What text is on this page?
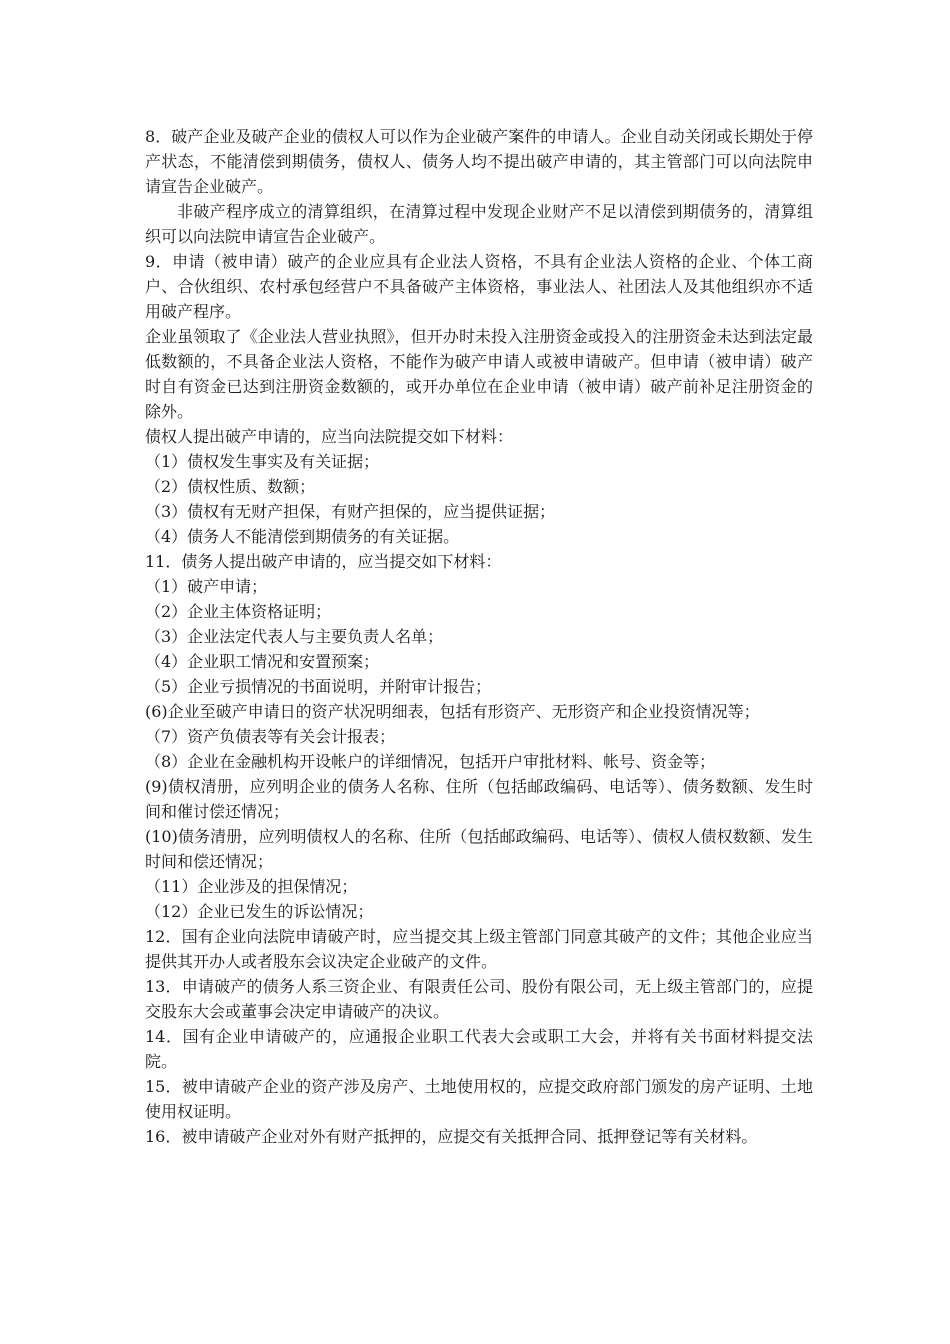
8．破产企业及破产企业的债权人可以作为企业破产案件的申请人。企业自动关闭或长期处于停产状态，不能清偿到期债务，债权人、债务人均不提出破产申请的，其主管部门可以向法院申请宣告企业破产。

非破产程序成立的清算组织，在清算过程中发现企业财产不足以清偿到期债务的，清算组织可以向法院申请宣告企业破产。

9．申请（被申请）破产的企业应具有企业法人资格，不具有企业法人资格的企业、个体工商户、合伙组织、农村承包经营户不具备破产主体资格，事业法人、社团法人及其他组织亦不适用破产程序。

企业虽领取了《企业法人营业执照》，但开办时未投入注册资金或投入的注册资金未达到法定最低数额的，不具备企业法人资格，不能作为破产申请人或被申请破产。但申请（被申请）破产时自有资金已达到注册资金数额的，或开办单位在企业申请（被申请）破产前补足注册资金的除外。

债权人提出破产申请的，应当向法院提交如下材料：

（1）债权发生事实及有关证据；

（2）债权性质、数额；

（3）债权有无财产担保，有财产担保的，应当提供证据；

（4）债务人不能清偿到期债务的有关证据。

11．债务人提出破产申请的，应当提交如下材料：

（1）破产申请；

（2）企业主体资格证明；

（3）企业法定代表人与主要负责人名单；

（4）企业职工情况和安置预案；

（5）企业亏损情况的书面说明，并附审计报告；

(6)企业至破产申请日的资产状况明细表，包括有形资产、无形资产和企业投资情况等；

（7）资产负债表等有关会计报表；

（8）企业在金融机构开设帐户的详细情况，包括开户审批材料、帐号、资金等；

(9)债权清册，应列明企业的债务人名称、住所（包括邮政编码、电话等）、债务数额、发生时间和催讨偿还情况；

(10)债务清册，应列明债权人的名称、住所（包括邮政编码、电话等）、债权人债权数额、发生时间和偿还情况；

（11）企业涉及的担保情况；

（12）企业已发生的诉讼情况；

12．国有企业向法院申请破产时，应当提交其上级主管部门同意其破产的文件；其他企业应当提供其开办人或者股东会议决定企业破产的文件。

13．申请破产的债务人系三资企业、有限责任公司、股份有限公司，无上级主管部门的，应提交股东大会或董事会决定申请破产的决议。

14．国有企业申请破产的，应通报企业职工代表大会或职工大会，并将有关书面材料提交法院。

15．被申请破产企业的资产涉及房产、土地使用权的，应提交政府部门颁发的房产证明、土地使用权证明。

16．被申请破产企业对外有财产抵押的，应提交有关抵押合同、抵押登记等有关材料。
